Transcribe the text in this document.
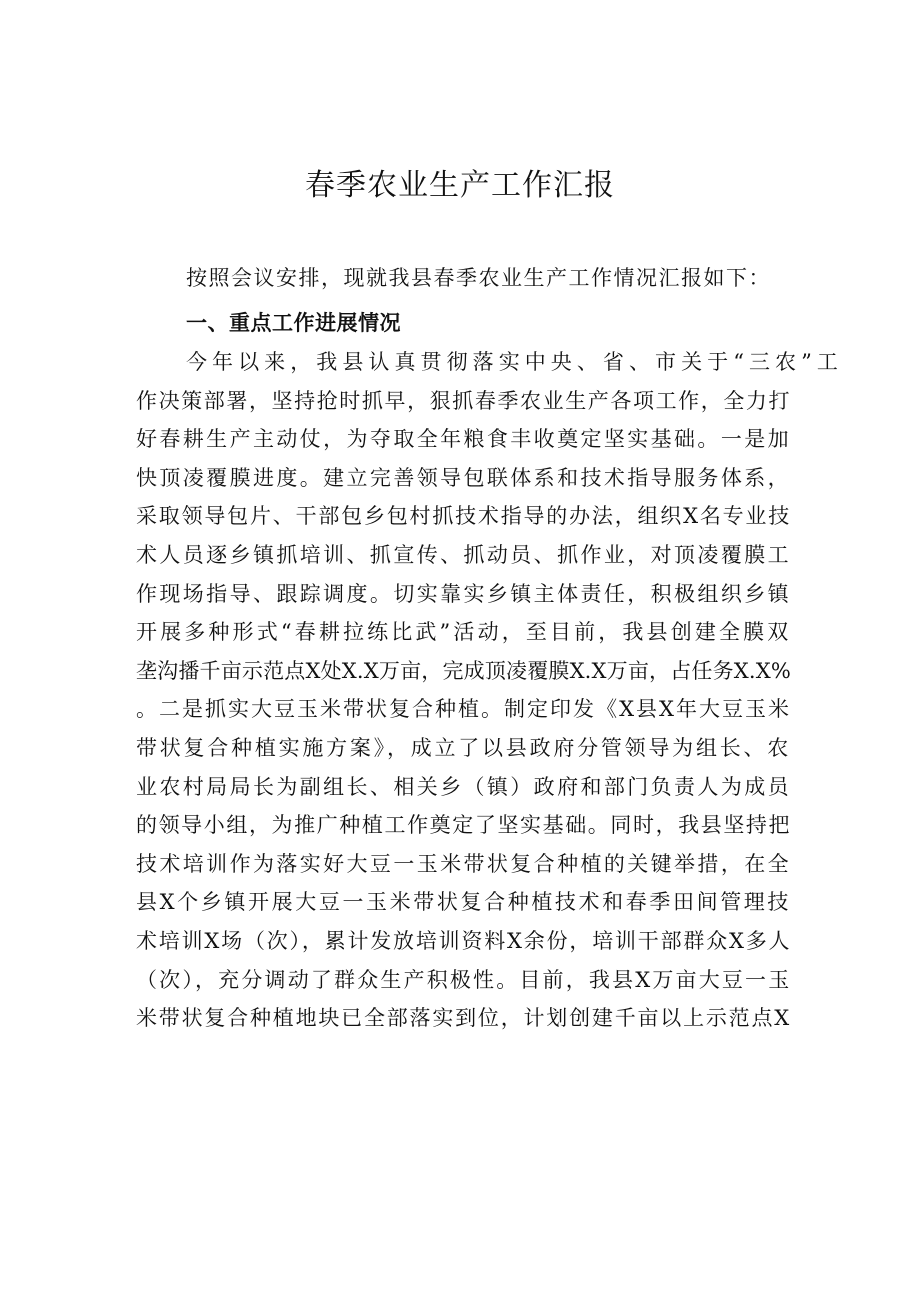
春季农业生产工作汇报
按照会议安排，现就我县春季农业生产工作情况汇报如下：
一、重点工作进展情况
今年以来，我县认真贯彻落实中央、省、市关于“三农”工
作决策部署，坚持抢时抓早，狠抓春季农业生产各项工作，全力打
好春耕生产主动仗，为夺取全年粮食丰收奠定坚实基础。一是加
快顶凌覆膜进度。建立完善领导包联体系和技术指导服务体系，
采取领导包片、干部包乡包村抓技术指导的办法，组织X名专业技
术人员逐乡镇抓培训、抓宣传、抓动员、抓作业，对顶凌覆膜工
作现场指导、跟踪调度。切实靠实乡镇主体责任，积极组织乡镇
开展多种形式“春耕拉练比武”活动，至目前，我县创建全膜双
垄沟播千亩示范点X处X.X万亩，完成顶凌覆膜X.X万亩，占任务X.X%
。二是抓实大豆玉米带状复合种植。制定印发《X县X年大豆玉米
带状复合种植实施方案》，成立了以县政府分管领导为组长、农
业农村局局长为副组长、相关乡（镇）政府和部门负责人为成员
的领导小组，为推广种植工作奠定了坚实基础。同时，我县坚持把
技术培训作为落实好大豆一玉米带状复合种植的关键举措，在全
县X个乡镇开展大豆一玉米带状复合种植技术和春季田间管理技
术培训X场（次），累计发放培训资料X余份，培训干部群众X多人
（次），充分调动了群众生产积极性。目前，我县X万亩大豆一玉
米带状复合种植地块已全部落实到位，计划创建千亩以上示范点X
